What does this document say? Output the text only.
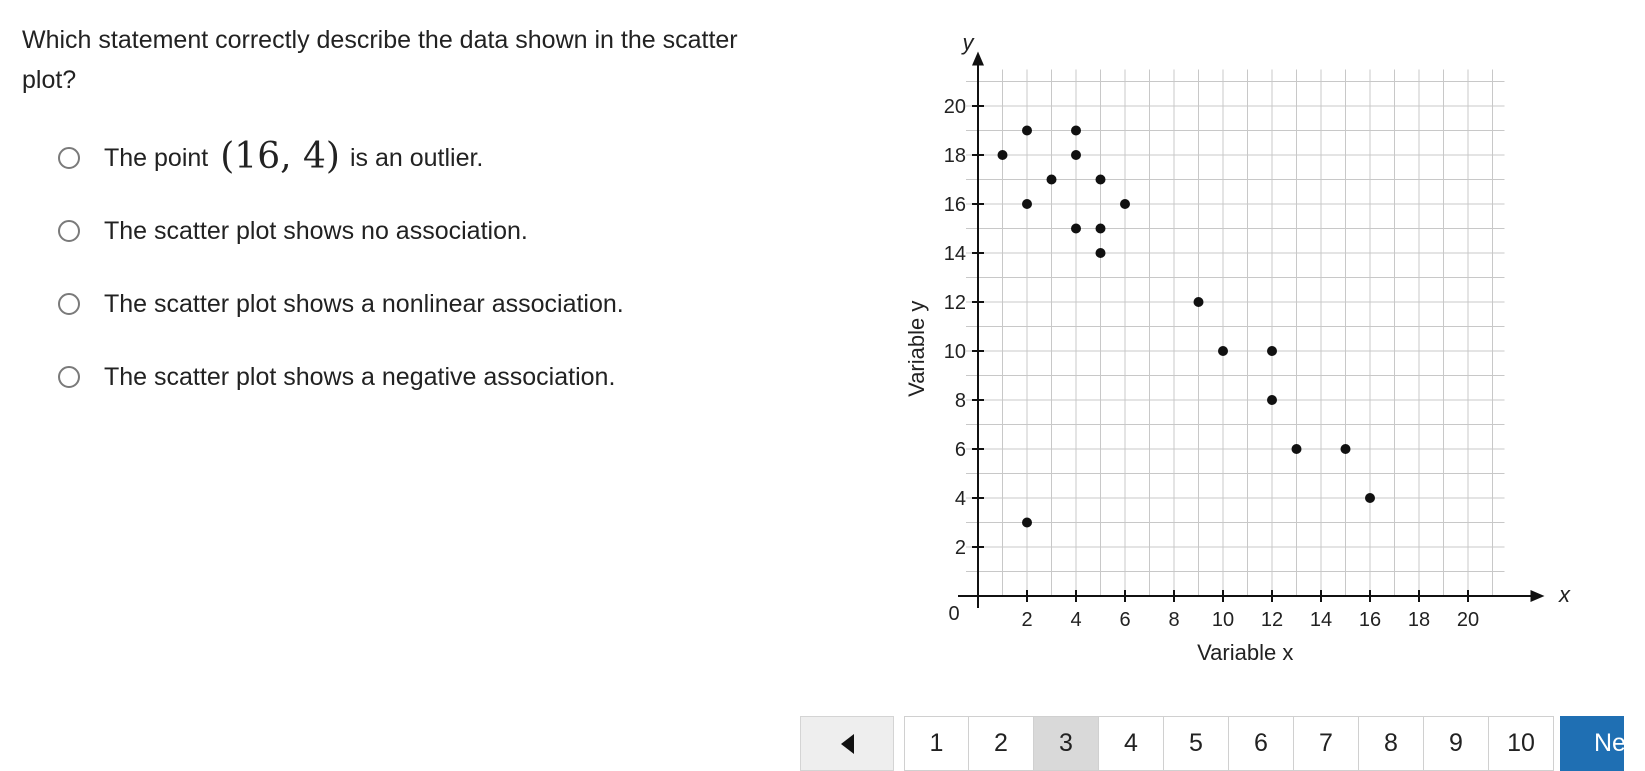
Which statement correctly describe the data shown in the scatter plot?
The point (16, 4) is an outlier.
The scatter plot shows no association.
The scatter plot shows a nonlinear association.
The scatter plot shows a negative association.
2 4 6 8 10 12 14 16 18 20
2
4
6
8
10
12
14
16
18
20
0
y
x
Variable x
Variable y
1	2	3	4	5	6	7	8	9	10	Next
